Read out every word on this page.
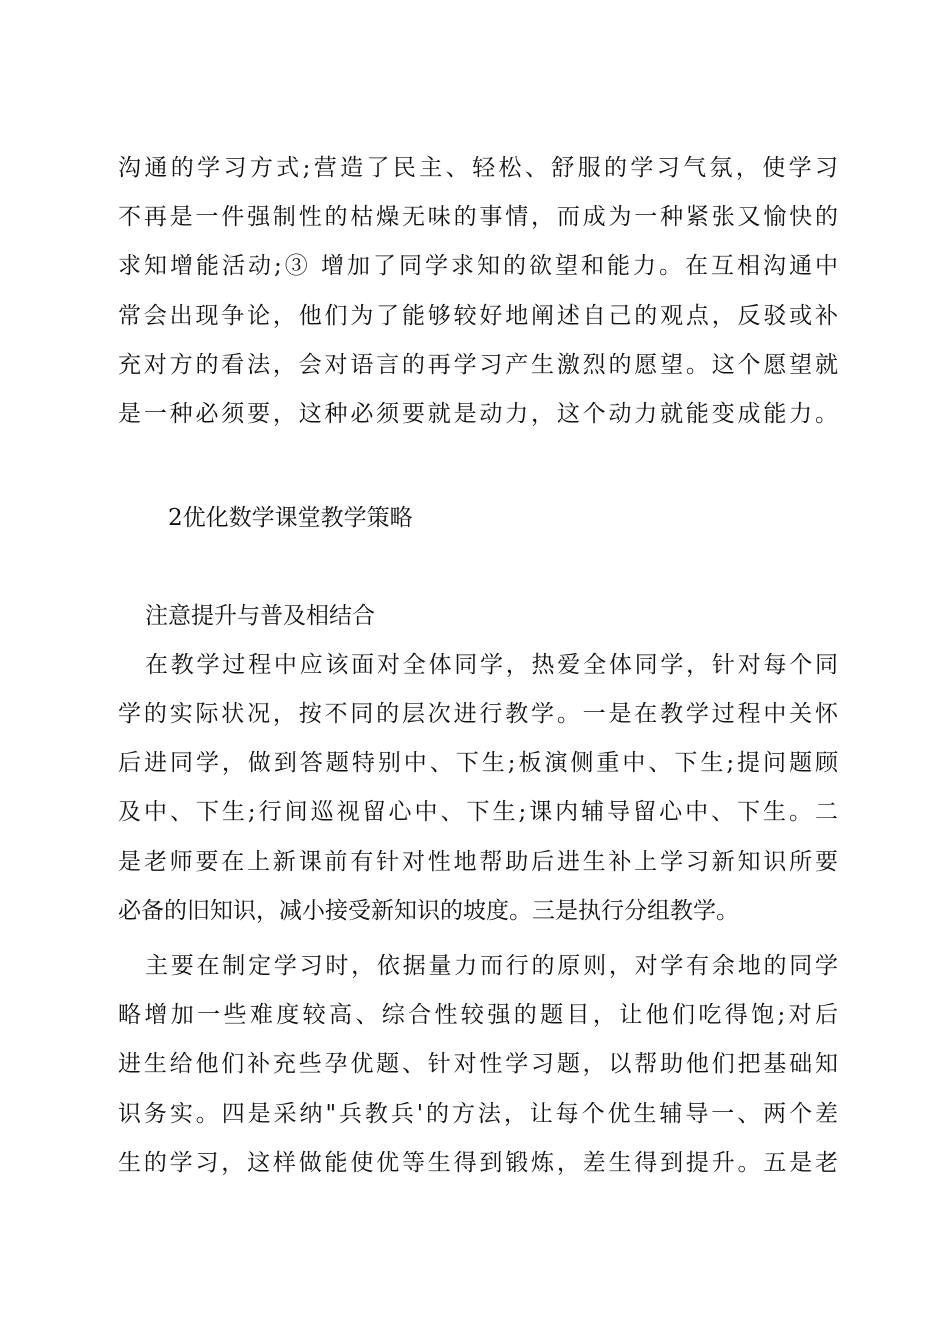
沟通的学习方式;营造了民主、轻松、舒服的学习气氛，使学习
不再是一件强制性的枯燥无味的事情，而成为一种紧张又愉快的
求知增能活动;③ 增加了同学求知的欲望和能力。在互相沟通中
常会出现争论，他们为了能够较好地阐述自己的观点，反驳或补
充对方的看法，会对语言的再学习产生激烈的愿望。这个愿望就
是一种必须要，这种必须要就是动力，这个动力就能变成能力。
2优化数学课堂教学策略
注意提升与普及相结合
在教学过程中应该面对全体同学，热爱全体同学，针对每个同
学的实际状况，按不同的层次进行教学。一是在教学过程中关怀
后进同学，做到答题特别中、下生;板演侧重中、下生;提问题顾
及中、下生;行间巡视留心中、下生;课内辅导留心中、下生。二
是老师要在上新课前有针对性地帮助后进生补上学习新知识所要
必备的旧知识，减小接受新知识的坡度。三是执行分组教学。
主要在制定学习时，依据量力而行的原则，对学有余地的同学
略增加一些难度较高、综合性较强的题目，让他们吃得饱;对后
进生给他们补充些孕优题、针对性学习题，以帮助他们把基础知
识务实。四是采纳"兵教兵'的方法，让每个优生辅导一、两个差
生的学习，这样做能使优等生得到锻炼，差生得到提升。五是老
